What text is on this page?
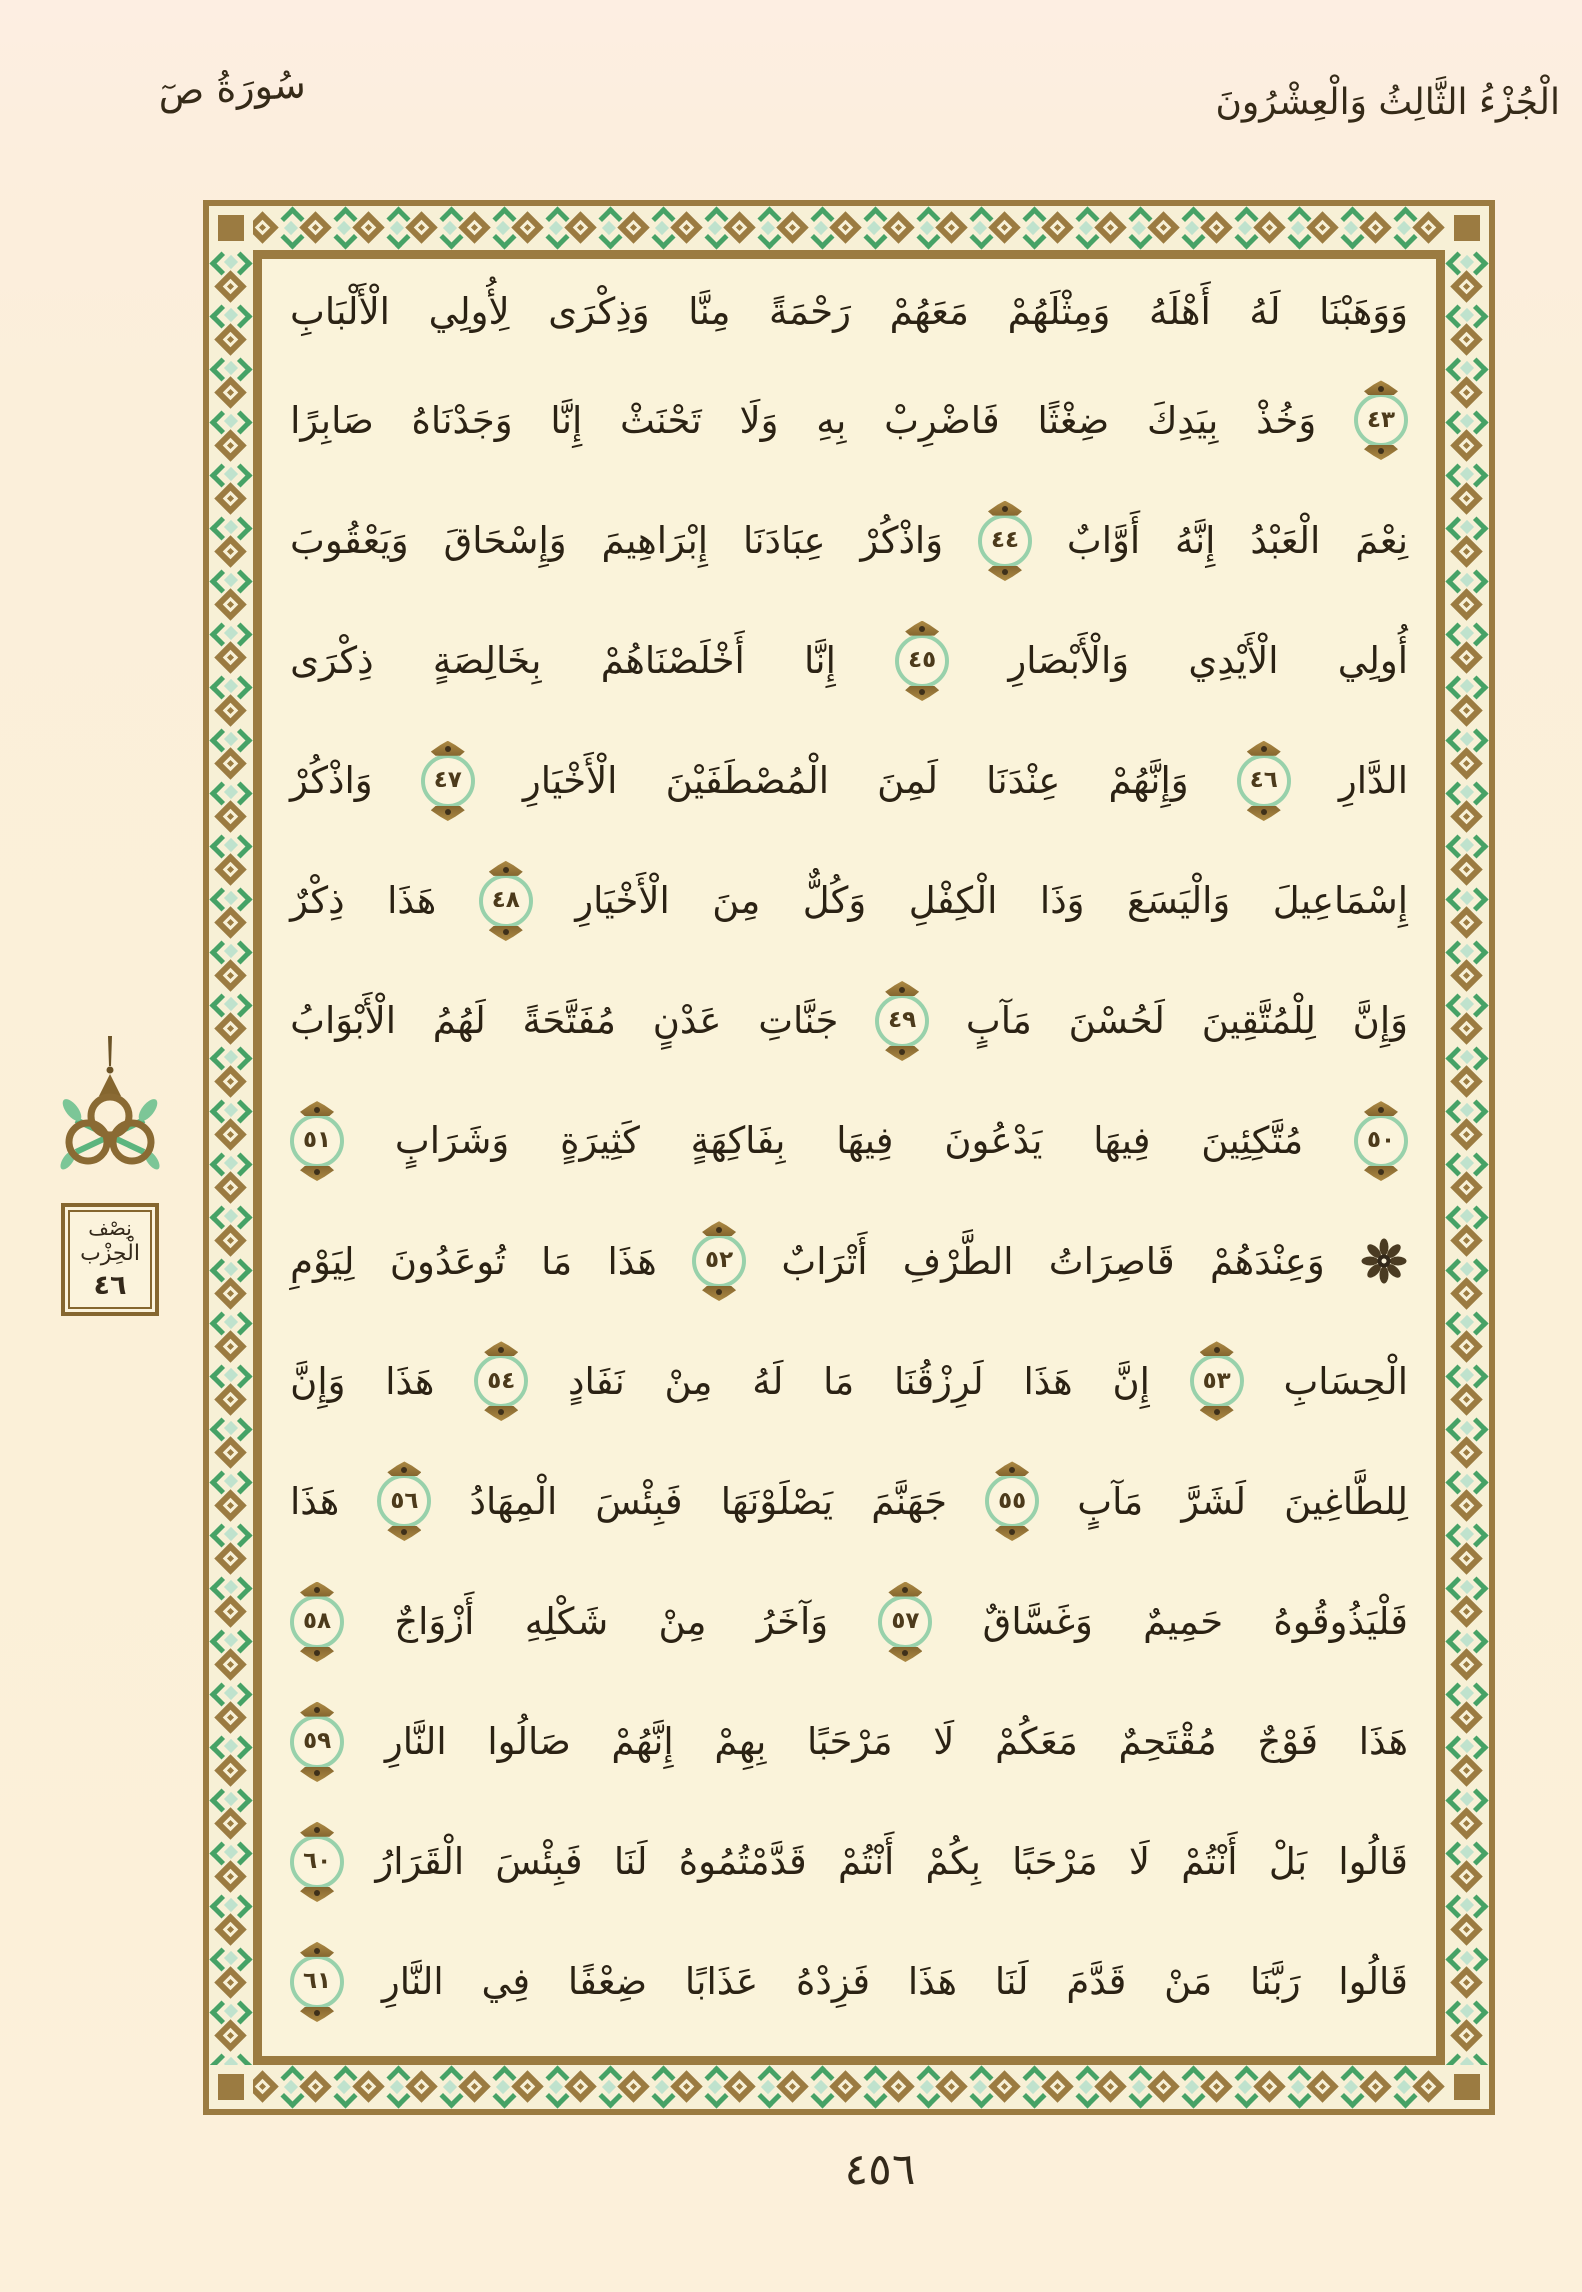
سُورَةُ صٓ	الْجُزْءُ الثَّالِثُ وَالْعِشْرُونَ
وَوَهَبْنَا
لَهُ
أَهْلَهُ
وَمِثْلَهُمْ
مَعَهُمْ
رَحْمَةً
مِنَّا
وَذِكْرَى
لِأُولِي
الْأَلْبَابِ
٤٣
وَخُذْ
بِيَدِكَ
ضِغْثًا
فَاضْرِبْ
بِهِ
وَلَا
تَحْنَثْ
إِنَّا
وَجَدْنَاهُ
صَابِرًا
نِعْمَ
الْعَبْدُ
إِنَّهُ
أَوَّابٌ
٤٤
وَاذْكُرْ
عِبَادَنَا
إِبْرَاهِيمَ
وَإِسْحَاقَ
وَيَعْقُوبَ
أُولِي
الْأَيْدِي
وَالْأَبْصَارِ
٤٥
إِنَّا
أَخْلَصْنَاهُمْ
بِخَالِصَةٍ
ذِكْرَى
الدَّارِ
٤٦
وَإِنَّهُمْ
عِنْدَنَا
لَمِنَ
الْمُصْطَفَيْنَ
الْأَخْيَارِ
٤٧
وَاذْكُرْ
إِسْمَاعِيلَ
وَالْيَسَعَ
وَذَا
الْكِفْلِ
وَكُلٌّ
مِنَ
الْأَخْيَارِ
٤٨
هَذَا
ذِكْرٌ
وَإِنَّ
لِلْمُتَّقِينَ
لَحُسْنَ
مَآبٍ
٤٩
جَنَّاتِ
عَدْنٍ
مُفَتَّحَةً
لَهُمُ
الْأَبْوَابُ
٥٠
مُتَّكِئِينَ
فِيهَا
يَدْعُونَ
فِيهَا
بِفَاكِهَةٍ
كَثِيرَةٍ
وَشَرَابٍ
٥١
وَعِنْدَهُمْ
قَاصِرَاتُ
الطَّرْفِ
أَتْرَابٌ
٥٢
هَذَا
مَا
تُوعَدُونَ
لِيَوْمِ
الْحِسَابِ
٥٣
إِنَّ
هَذَا
لَرِزْقُنَا
مَا
لَهُ
مِنْ
نَفَادٍ
٥٤
هَذَا
وَإِنَّ
لِلطَّاغِينَ
لَشَرَّ
مَآبٍ
٥٥
جَهَنَّمَ
يَصْلَوْنَهَا
فَبِئْسَ
الْمِهَادُ
٥٦
هَذَا
فَلْيَذُوقُوهُ
حَمِيمٌ
وَغَسَّاقٌ
٥٧
وَآخَرُ
مِنْ
شَكْلِهِ
أَزْوَاجٌ
٥٨
هَذَا
فَوْجٌ
مُقْتَحِمٌ
مَعَكُمْ
لَا
مَرْحَبًا
بِهِمْ
إِنَّهُمْ
صَالُوا
النَّارِ
٥٩
قَالُوا
بَلْ
أَنْتُمْ
لَا
مَرْحَبًا
بِكُمْ
أَنْتُمْ
قَدَّمْتُمُوهُ
لَنَا
فَبِئْسَ
الْقَرَارُ
٦٠
قَالُوا
رَبَّنَا
مَنْ
قَدَّمَ
لَنَا
هَذَا
فَزِدْهُ
عَذَابًا
ضِعْفًا
فِي
النَّارِ
٦١
نِصْف
الْحِزْب
٤٦
٤٥٦
